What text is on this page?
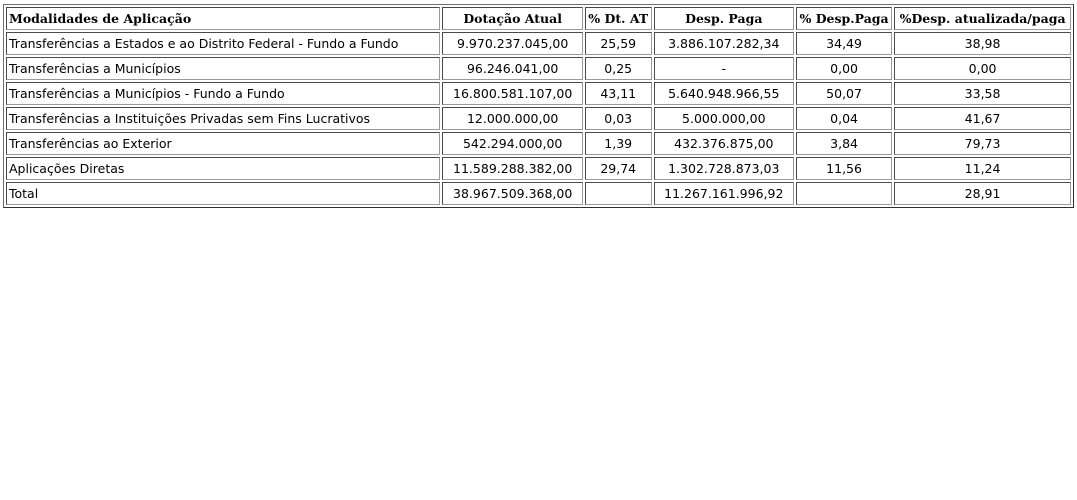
Modalidades de Aplicação	Dotação Atual	% Dt. AT	Desp. Paga	% Desp.Paga	%Desp. atualizada/paga
Transferências a Estados e ao Distrito Federal - Fundo a Fundo	9.970.237.045,00	25,59	3.886.107.282,34	34,49	38,98
Transferências a Municípios	96.246.041,00	0,25	-	0,00	0,00
Transferências a Municípios - Fundo a Fundo	16.800.581.107,00	43,11	5.640.948.966,55	50,07	33,58
Transferências a Instituições Privadas sem Fins Lucrativos	12.000.000,00	0,03	5.000.000,00	0,04	41,67
Transferências ao Exterior	542.294.000,00	1,39	432.376.875,00	3,84	79,73
Aplicações Diretas	11.589.288.382,00	29,74	1.302.728.873,03	11,56	11,24
Total	38.967.509.368,00		11.267.161.996,92		28,91
